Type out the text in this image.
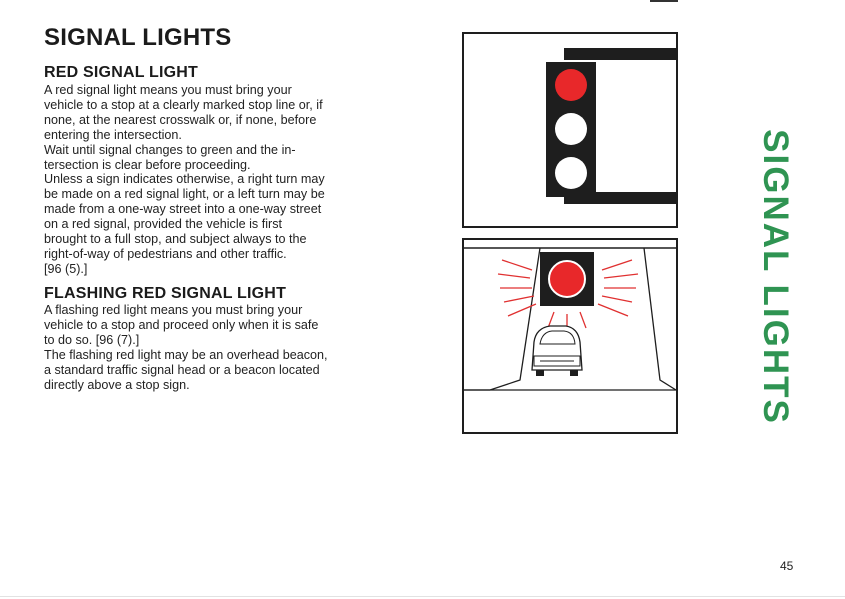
SIGNAL LIGHTS
RED SIGNAL LIGHT

A red signal light means you must bring your
vehicle to a stop at a clearly marked stop line or, if
none, at the nearest crosswalk or, if none, before
entering the intersection.
Wait until signal changes to green and the in-
tersection is clear before proceeding.
Unless a sign indicates otherwise, a right turn may
be made on a red signal light, or a left turn may be
made from a one-way street into a one-way street
on a red signal, provided the vehicle is first
brought to a full stop, and subject always to the
right-of-way of pedestrians and other traffic.
[96 (5).]

FLASHING RED SIGNAL LIGHT

A flashing red light means you must bring your
vehicle to a stop and proceed only when it is safe
to do so. [96 (7).]
The flashing red light may be an overhead beacon,
a standard traffic signal head or a beacon located
directly above a stop sign.	SIGNAL LIGHTS
45
